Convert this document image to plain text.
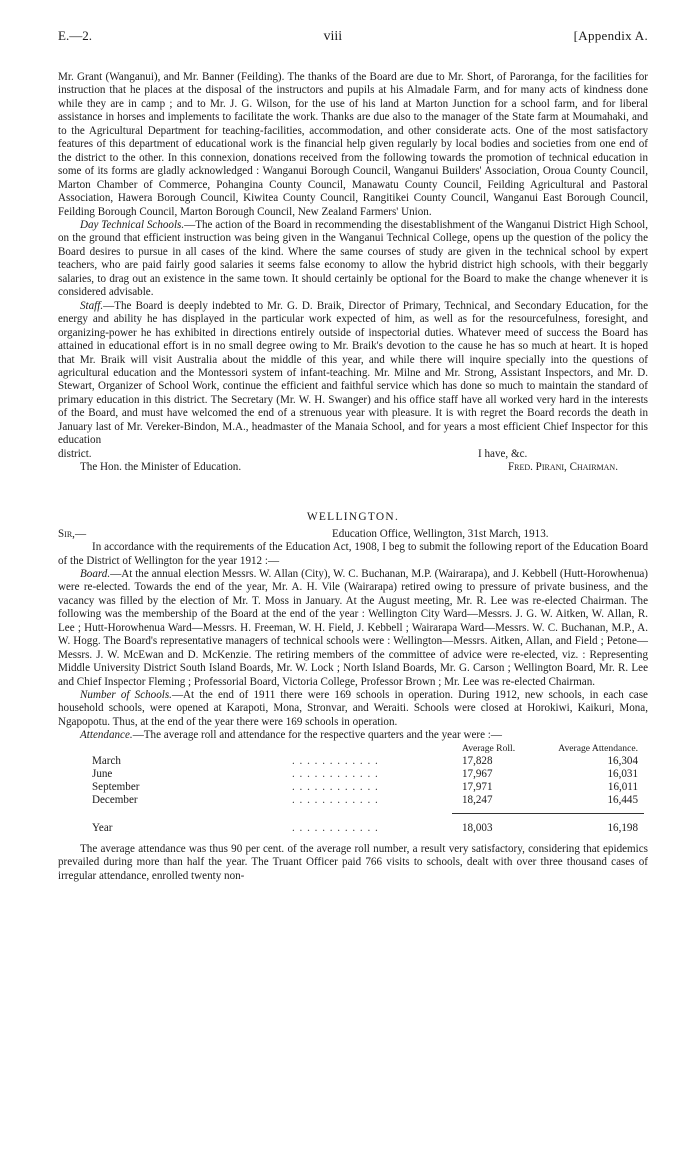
E.—2.	viii	[Appendix A.

Mr. Grant (Wanganui), and Mr. Banner (Feilding). The thanks of the Board are due to Mr. Short, of Paroranga, for the facilities for instruction that he places at the disposal of the instructors and pupils at his Almadale Farm, and for many acts of kindness done while they are in camp ; and to Mr. J. G. Wilson, for the use of his land at Marton Junction for a school farm, and for liberal assistance in horses and implements to facilitate the work. Thanks are due also to the manager of the State farm at Moumahaki, and to the Agricultural Department for teaching-facilities, accommodation, and other considerate acts. One of the most satisfactory features of this department of educational work is the financial help given regularly by local bodies and societies from one end of the district to the other. In this connexion, donations received from the following towards the promotion of technical education in some of its forms are gladly acknowledged : Wanganui Borough Council, Wanganui Builders' Association, Oroua County Council, Marton Chamber of Commerce, Pohangina County Council, Manawatu County Council, Feilding Agricultural and Pastoral Association, Hawera Borough Council, Kiwitea County Council, Rangitikei County Council, Wanganui East Borough Council, Feilding Borough Council, Marton Borough Council, New Zealand Farmers' Union.

Day Technical Schools.—The action of the Board in recommending the disestablishment of the Wanganui District High School, on the ground that efficient instruction was being given in the Wanganui Technical College, opens up the question of the policy the Board desires to pursue in all cases of the kind. Where the same courses of study are given in the technical school by expert teachers, who are paid fairly good salaries it seems false economy to allow the hybrid district high schools, with their beggarly salaries, to drag out an existence in the same town. It should certainly be optional for the Board to make the change whenever it is considered advisable.

Staff.—The Board is deeply indebted to Mr. G. D. Braik, Director of Primary, Technical, and Secondary Education, for the energy and ability he has displayed in the particular work expected of him, as well as for the resourcefulness, foresight, and organizing-power he has exhibited in directions entirely outside of inspectorial duties. Whatever meed of success the Board has attained in educational effort is in no small degree owing to Mr. Braik's devotion to the cause he has so much at heart. It is hoped that Mr. Braik will visit Australia about the middle of this year, and while there will inquire specially into the questions of agricultural education and the Montessori system of infant-teaching. Mr. Milne and Mr. Strong, Assistant Inspectors, and Mr. D. Stewart, Organizer of School Work, continue the efficient and faithful service which has done so much to maintain the standard of primary education in this district. The Secretary (Mr. W. H. Swanger) and his office staff have all worked very hard in the interests of the Board, and must have welcomed the end of a strenuous year with pleasure. It is with regret the Board records the death in January last of Mr. Vereker-Bindon, M.A., headmaster of the Manaia School, and for years a most efficient Chief Inspector for this education

district.	I have, &c.
The Hon. the Minister of Education.	Fred. Pirani, Chairman.
WELLINGTON.
Sir,—	Education Office, Wellington, 31st March, 1913.

In accordance with the requirements of the Education Act, 1908, I beg to submit the following report of the Education Board of the District of Wellington for the year 1912 :—

Board.—At the annual election Messrs. W. Allan (City), W. C. Buchanan, M.P. (Wairarapa), and J. Kebbell (Hutt-Horowhenua) were re-elected. Towards the end of the year, Mr. A. H. Vile (Wairarapa) retired owing to pressure of private business, and the vacancy was filled by the election of Mr. T. Moss in January. At the August meeting, Mr. R. Lee was re-elected Chairman. The following was the membership of the Board at the end of the year : Wellington City Ward—Messrs. J. G. W. Aitken, W. Allan, R. Lee ; Hutt-Horowhenua Ward—Messrs. H. Freeman, W. H. Field, J. Kebbell ; Wairarapa Ward—Messrs. W. C. Buchanan, M.P., A. W. Hogg. The Board's representative managers of technical schools were : Wellington—Messrs. Aitken, Allan, and Field ; Petone—Messrs. J. W. McEwan and D. McKenzie. The retiring members of the committee of advice were re-elected, viz. : Representing Middle University District South Island Boards, Mr. W. Lock ; North Island Boards, Mr. G. Carson ; Wellington Board, Mr. R. Lee and Chief Inspector Fleming ; Professorial Board, Victoria College, Professor Brown ; Mr. Lee was re-elected Chairman.

Number of Schools.—At the end of 1911 there were 169 schools in operation. During 1912, new schools, in each case household schools, were opened at Karapoti, Mona, Stronvar, and Weraiti. Schools were closed at Horokiwi, Kaikuri, Mona, Ngapopotu. Thus, at the end of the year there were 169 schools in operation.

Attendance.—The average roll and attendance for the respective quarters and the year were :—

		Average Roll.	Average Attendance.
March	. . . . . . . . . . . .	17,828	16,304
June	. . . . . . . . . . . .	17,967	16,031
September	. . . . . . . . . . . .	17,971	16,011
December	. . . . . . . . . . . .	18,247	16,445

Year	. . . . . . . . . . . .	18,003	16,198

The average attendance was thus 90 per cent. of the average roll number, a result very satisfactory, considering that epidemics prevailed during more than half the year. The Truant Officer paid 766 visits to schools, dealt with over three thousand cases of irregular attendance, enrolled twenty non-
